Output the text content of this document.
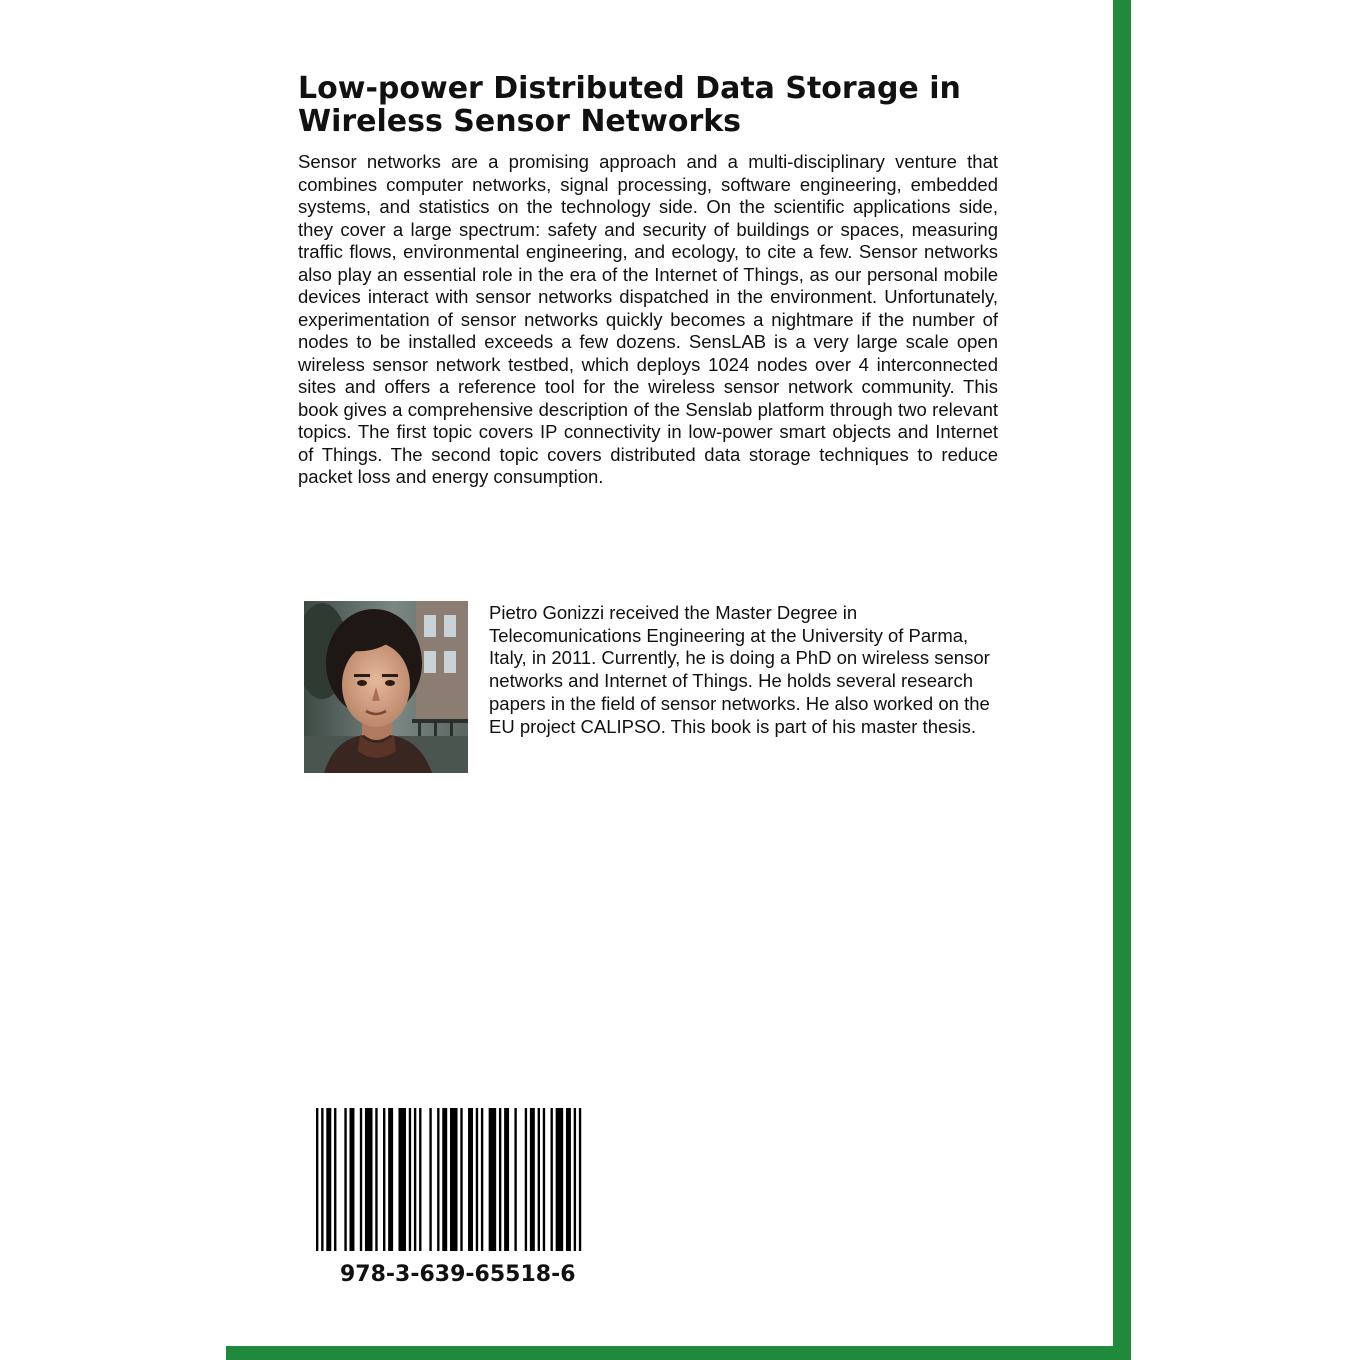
Low-power Distributed Data Storage in
Wireless Sensor Networks

Sensor networks are a promising approach and a multi-disciplinary venture that combines computer networks, signal processing, software engineering, embedded systems, and statistics on the technology side. On the scientific applications side, they cover a large spectrum: safety and security of buildings or spaces, measuring traffic flows, environmental engineering, and ecology, to cite a few. Sensor networks also play an essential role in the era of the Internet of Things, as our personal mobile devices interact with sensor networks dispatched in the environment. Unfortunately, experimentation of sensor networks quickly becomes a nightmare if the number of nodes to be installed exceeds a few dozens. SensLAB is a very large scale open wireless sensor network testbed, which deploys 1024 nodes over 4 interconnected sites and offers a reference tool for the wireless sensor network community. This book gives a comprehensive description of the Senslab platform through two relevant topics. The first topic covers IP connectivity in low-power smart objects and Internet of Things. The second topic covers distributed data storage techniques to reduce packet loss and energy consumption.

Pietro Gonizzi received the Master Degree in Telecomunications Engineering at the University of Parma, Italy, in 2011. Currently, he is doing a PhD on wireless sensor networks and Internet of Things. He holds several research papers in the field of sensor networks. He also worked on the EU project CALIPSO. This book is part of his master thesis.

978-3-639-65518-6
